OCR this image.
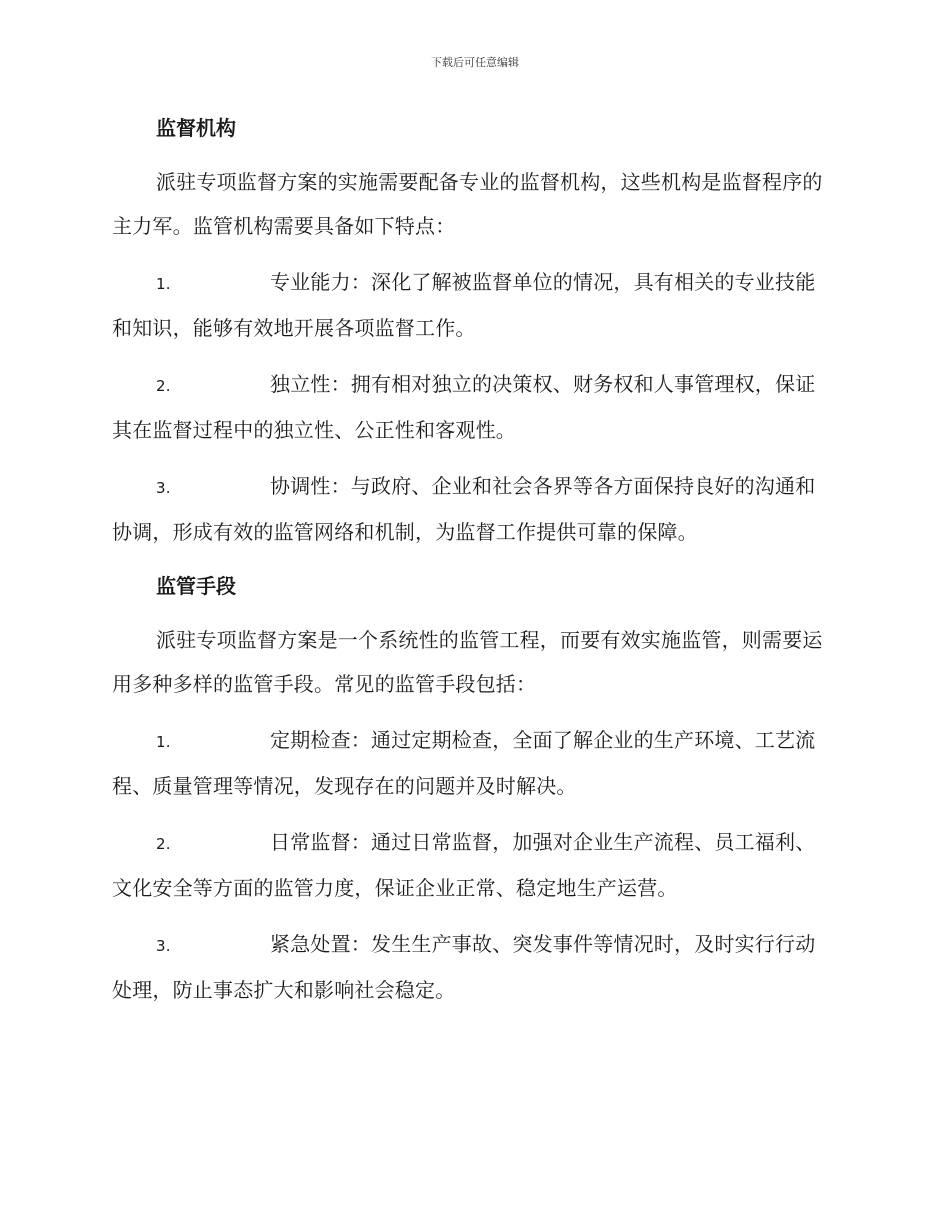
下载后可任意编辑
监督机构

派驻专项监督方案的实施需要配备专业的监督机构，这些机构是监督程序的主力军。监管机构需要具备如下特点：

1.	专业能力：深化了解被监督单位的情况，具有相关的专业技能和知识，能够有效地开展各项监督工作。
2.	独立性：拥有相对独立的决策权、财务权和人事管理权，保证其在监督过程中的独立性、公正性和客观性。
3.	协调性：与政府、企业和社会各界等各方面保持良好的沟通和协调，形成有效的监管网络和机制，为监督工作提供可靠的保障。
监管手段

派驻专项监督方案是一个系统性的监管工程，而要有效实施监管，则需要运用多种多样的监管手段。常见的监管手段包括：

1.	定期检查：通过定期检查，全面了解企业的生产环境、工艺流程、质量管理等情况，发现存在的问题并及时解决。
2.	日常监督：通过日常监督，加强对企业生产流程、员工福利、文化安全等方面的监管力度，保证企业正常、稳定地生产运营。
3.	紧急处置：发生生产事故、突发事件等情况时，及时实行行动处理，防止事态扩大和影响社会稳定。
